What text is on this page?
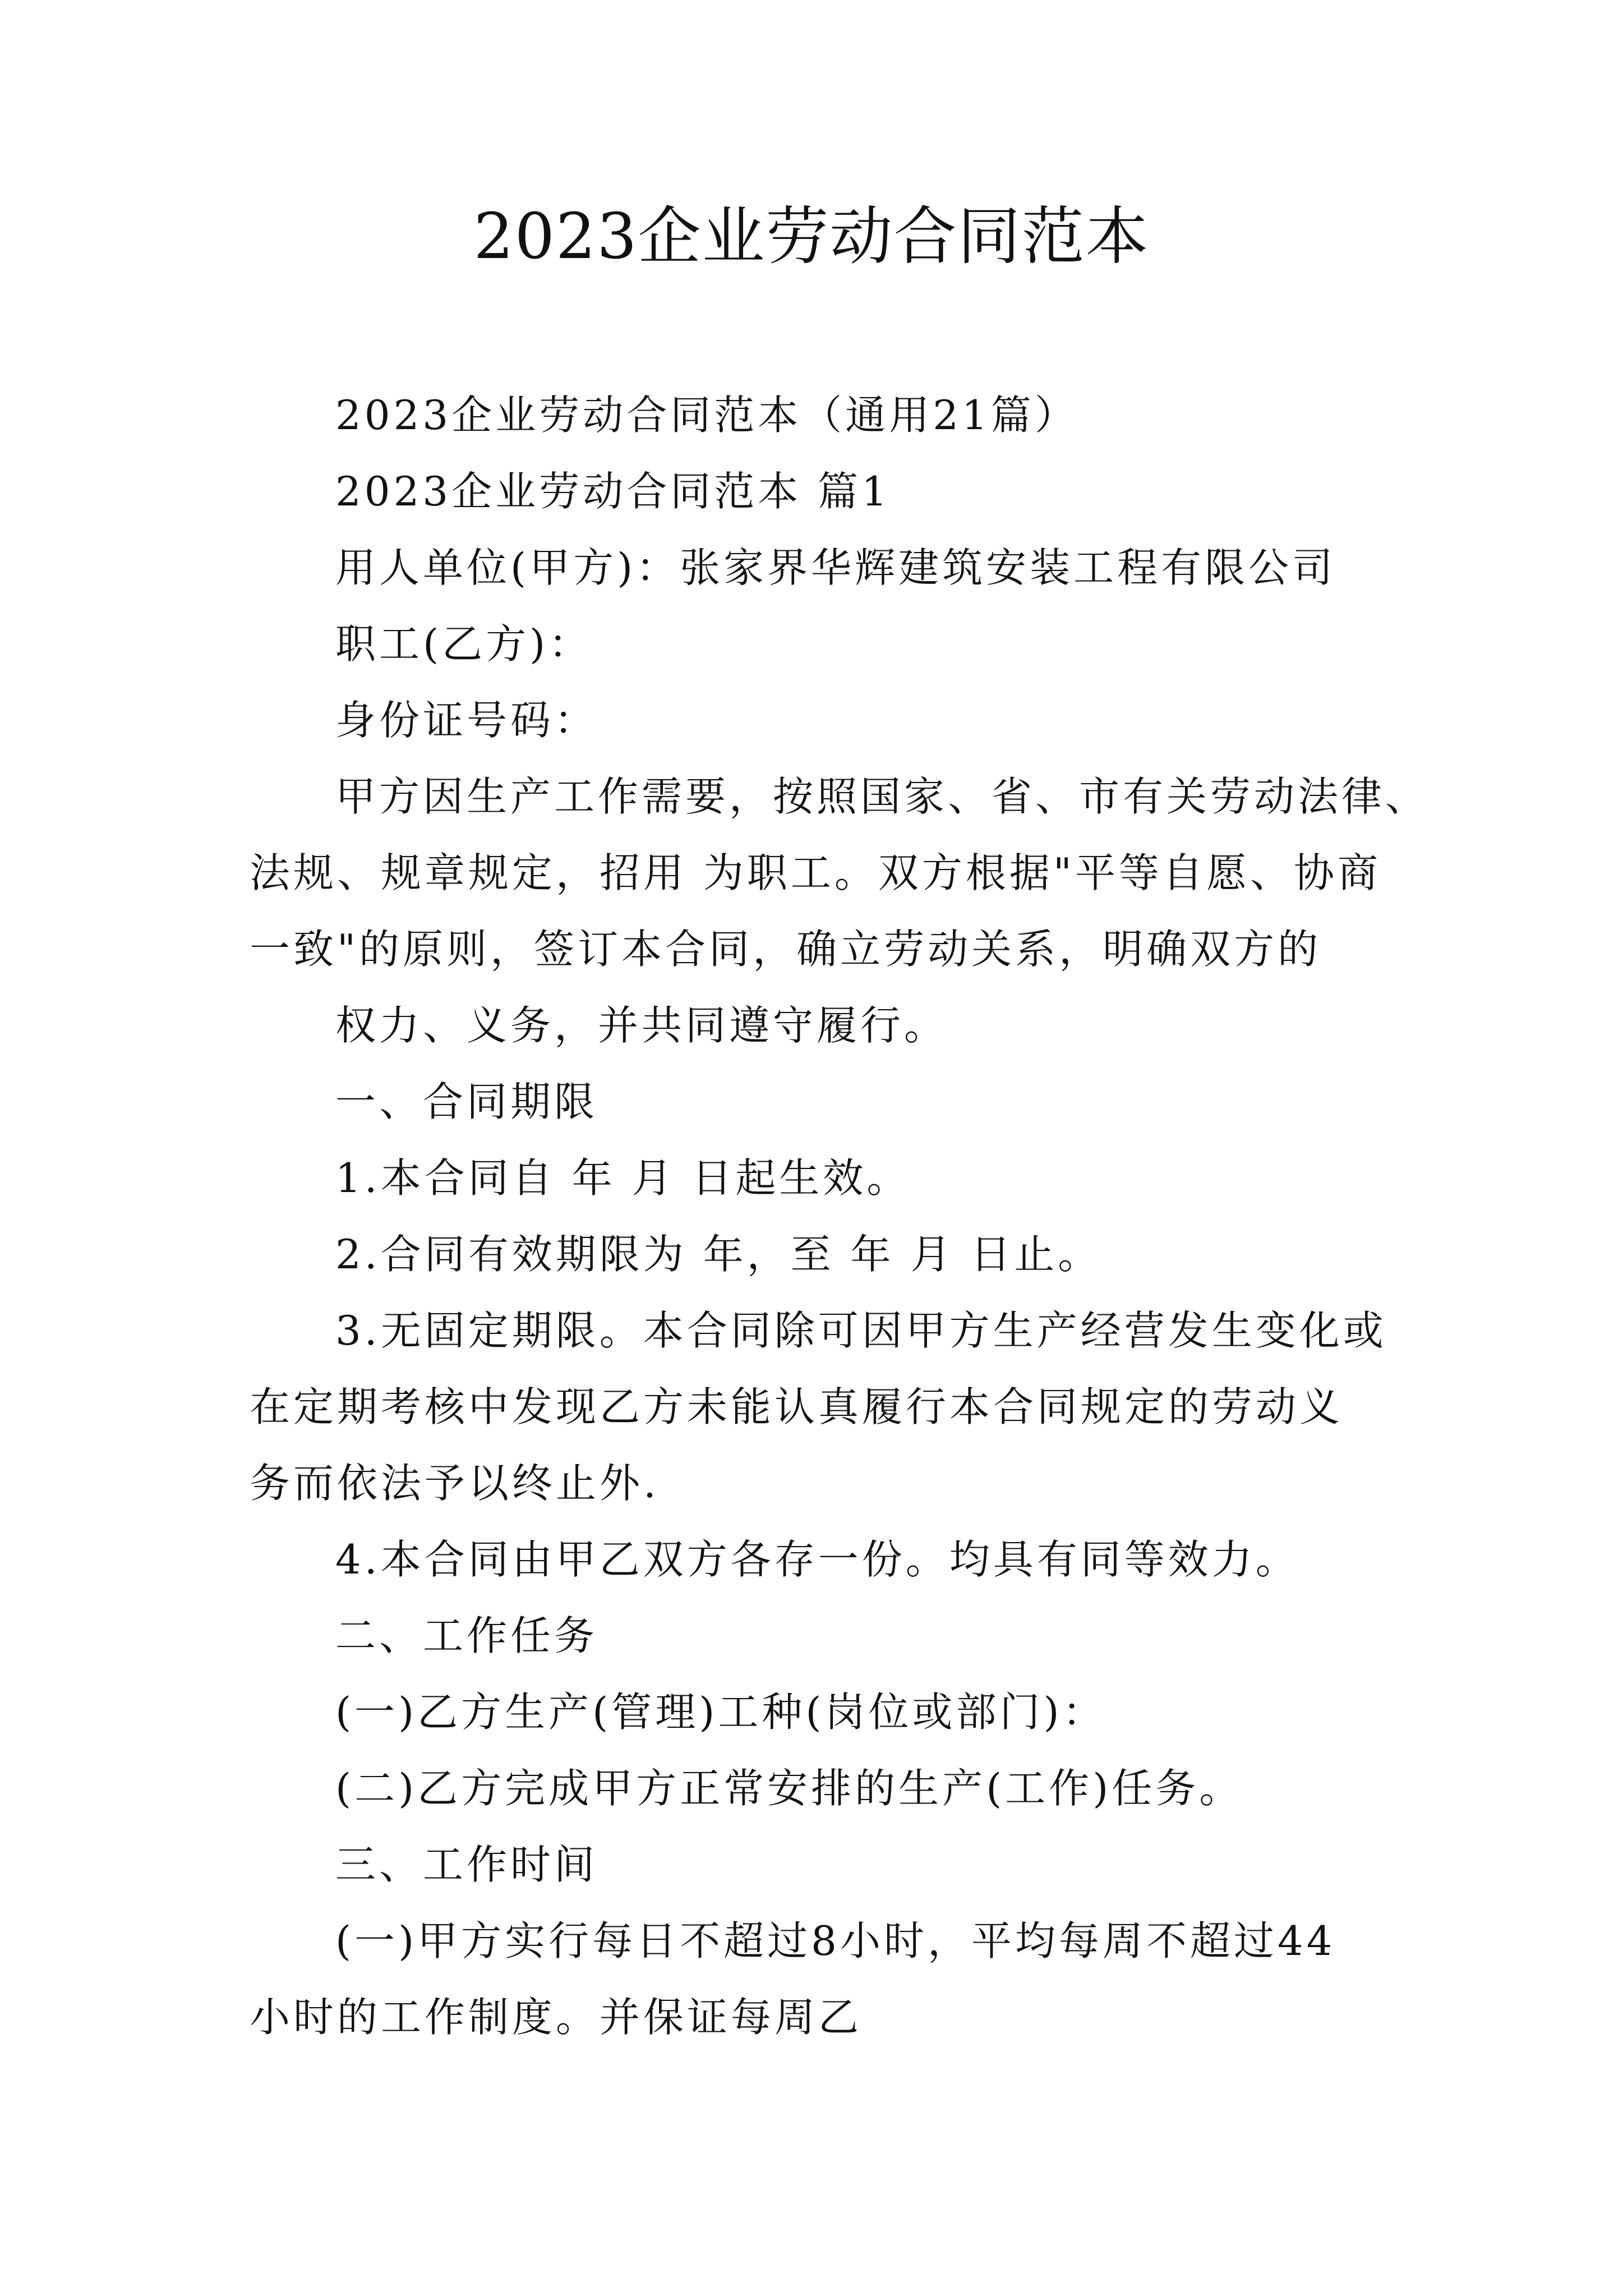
2023企业劳动合同范本
2023企业劳动合同范本（通用21篇）
2023企业劳动合同范本 篇1
用人单位(甲方)：张家界华辉建筑安装工程有限公司
职工(乙方)：
身份证号码：
甲方因生产工作需要，按照国家、省、市有关劳动法律、
法规、规章规定，招用 为职工。双方根据"平等自愿、协商
一致"的原则，签订本合同，确立劳动关系，明确双方的
权力、义务，并共同遵守履行。
一、合同期限
1.本合同自 年 月 日起生效。
2.合同有效期限为 年，至 年 月 日止。
3.无固定期限。本合同除可因甲方生产经营发生变化或
在定期考核中发现乙方未能认真履行本合同规定的劳动义
务而依法予以终止外.
4.本合同由甲乙双方各存一份。均具有同等效力。
二、工作任务
(一)乙方生产(管理)工种(岗位或部门)：
(二)乙方完成甲方正常安排的生产(工作)任务。
三、工作时间
(一)甲方实行每日不超过8小时，平均每周不超过44
小时的工作制度。并保证每周乙
